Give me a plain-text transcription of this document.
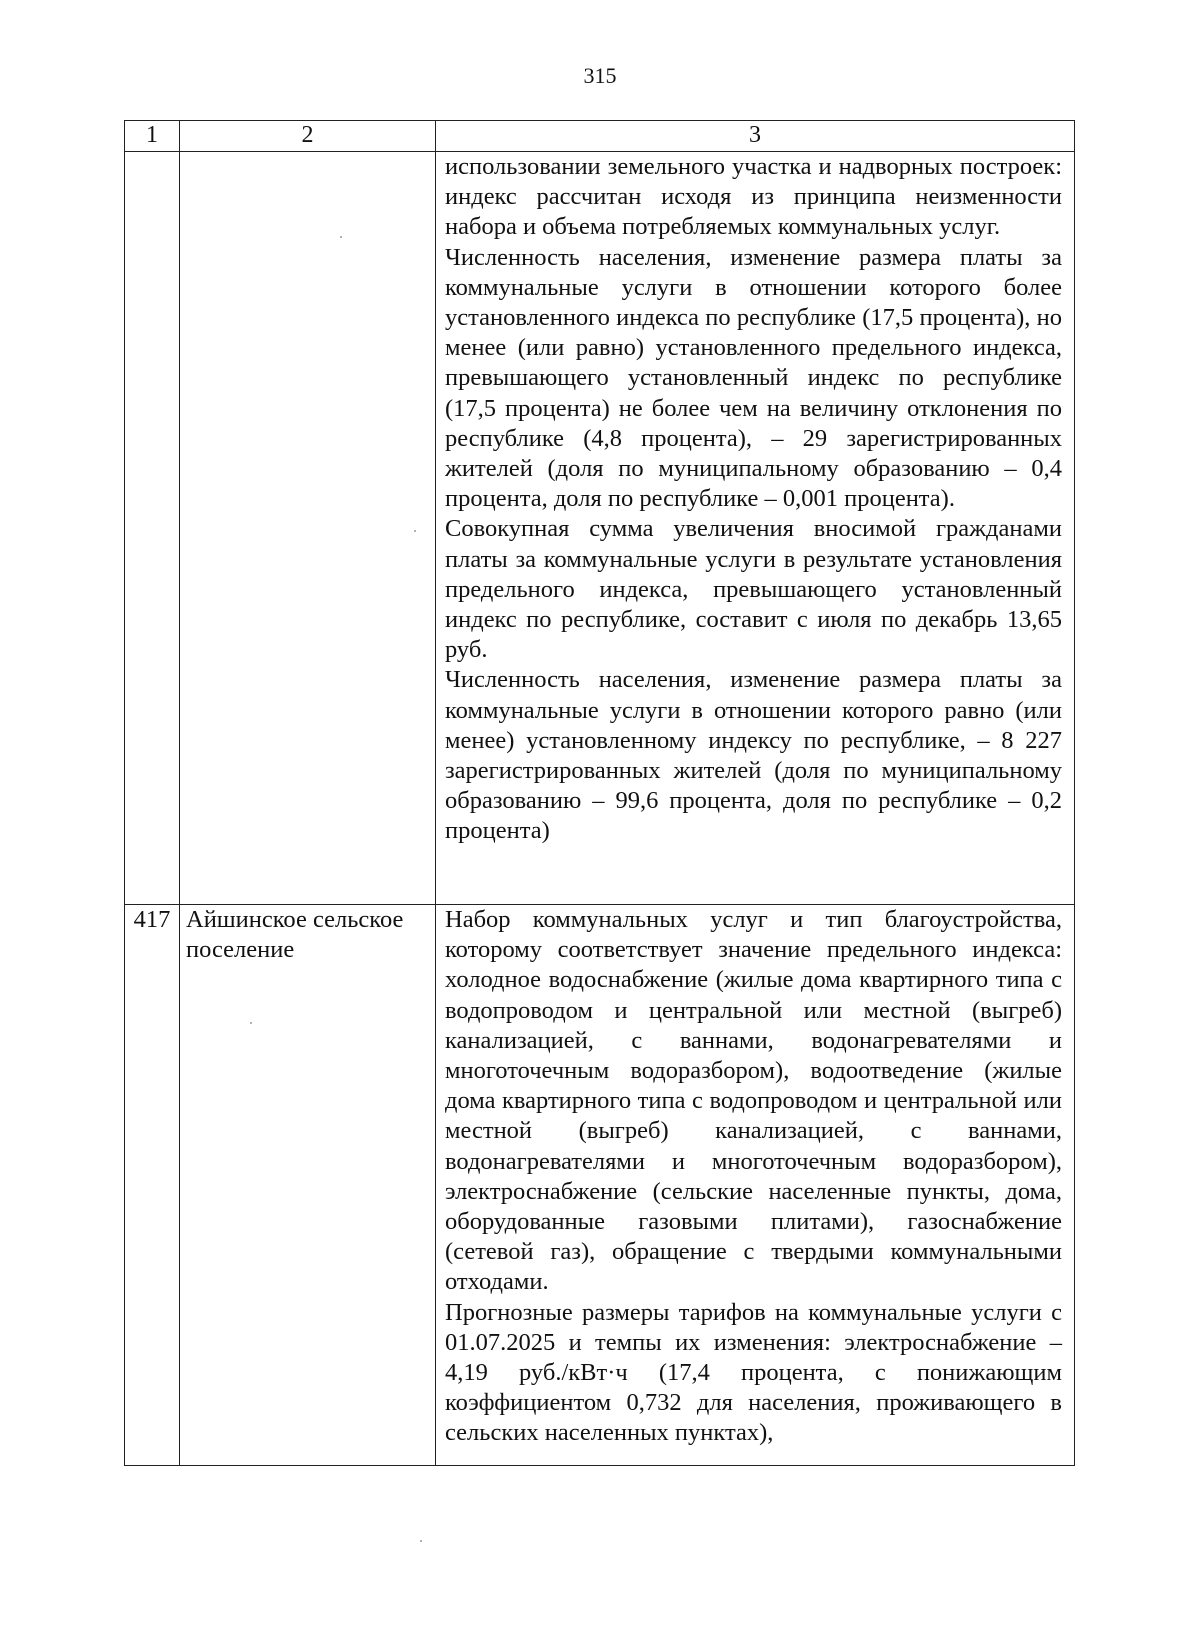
315
1	2	3

		использовании земельного участка и надворных построек: индекс рассчитан исходя из принципа неизменности набора и объема потребляемых коммунальных услуг.
Численность населения, изменение размера платы за коммунальные услуги в отношении которого более установленного индекса по республике (17,5 процента), но менее (или равно) установленного предельного индекса, превышающего установленный индекс по республике (17,5 процента) не более чем на величину отклонения по республике (4,8 процента), – 29 зарегистрированных жителей (доля по муниципальному образованию – 0,4 процента, доля по республике – 0,001 процента).
Совокупная сумма увеличения вносимой гражданами платы за коммунальные услуги в результате установления предельного индекса, превышающего установленный индекс по республике, составит с июля по декабрь 13,65 руб.
Численность населения, изменение размера платы за коммунальные услуги в отношении которого равно (или менее) установленному индексу по республике, – 8 227 зарегистрированных жителей (доля по муниципальному образованию – 99,6 процента, доля по республике – 0,2 процента)

417	Айшинское сельское поселение	Набор коммунальных услуг и тип благоустройства, которому соответствует значение предельного индекса: холодное водоснабжение (жилые дома квартирного типа с водопроводом и центральной или местной (выгреб) канализацией, с ваннами, водонагревателями и многоточечным водоразбором), водоотведение (жилые дома квартирного типа с водопроводом и центральной или местной (выгреб) канализацией, с ваннами, водонагревателями и многоточечным водоразбором), электроснабжение (сельские населенные пункты, дома, оборудованные газовыми плитами), газоснабжение (сетевой газ), обращение с твердыми коммунальными отходами.
Прогнозные размеры тарифов на коммунальные услуги с 01.07.2025 и темпы их изменения: электроснабжение – 4,19 руб./кВт·ч (17,4 процента, с понижающим коэффициентом 0,732 для населения, проживающего в сельских населенных пунктах),
